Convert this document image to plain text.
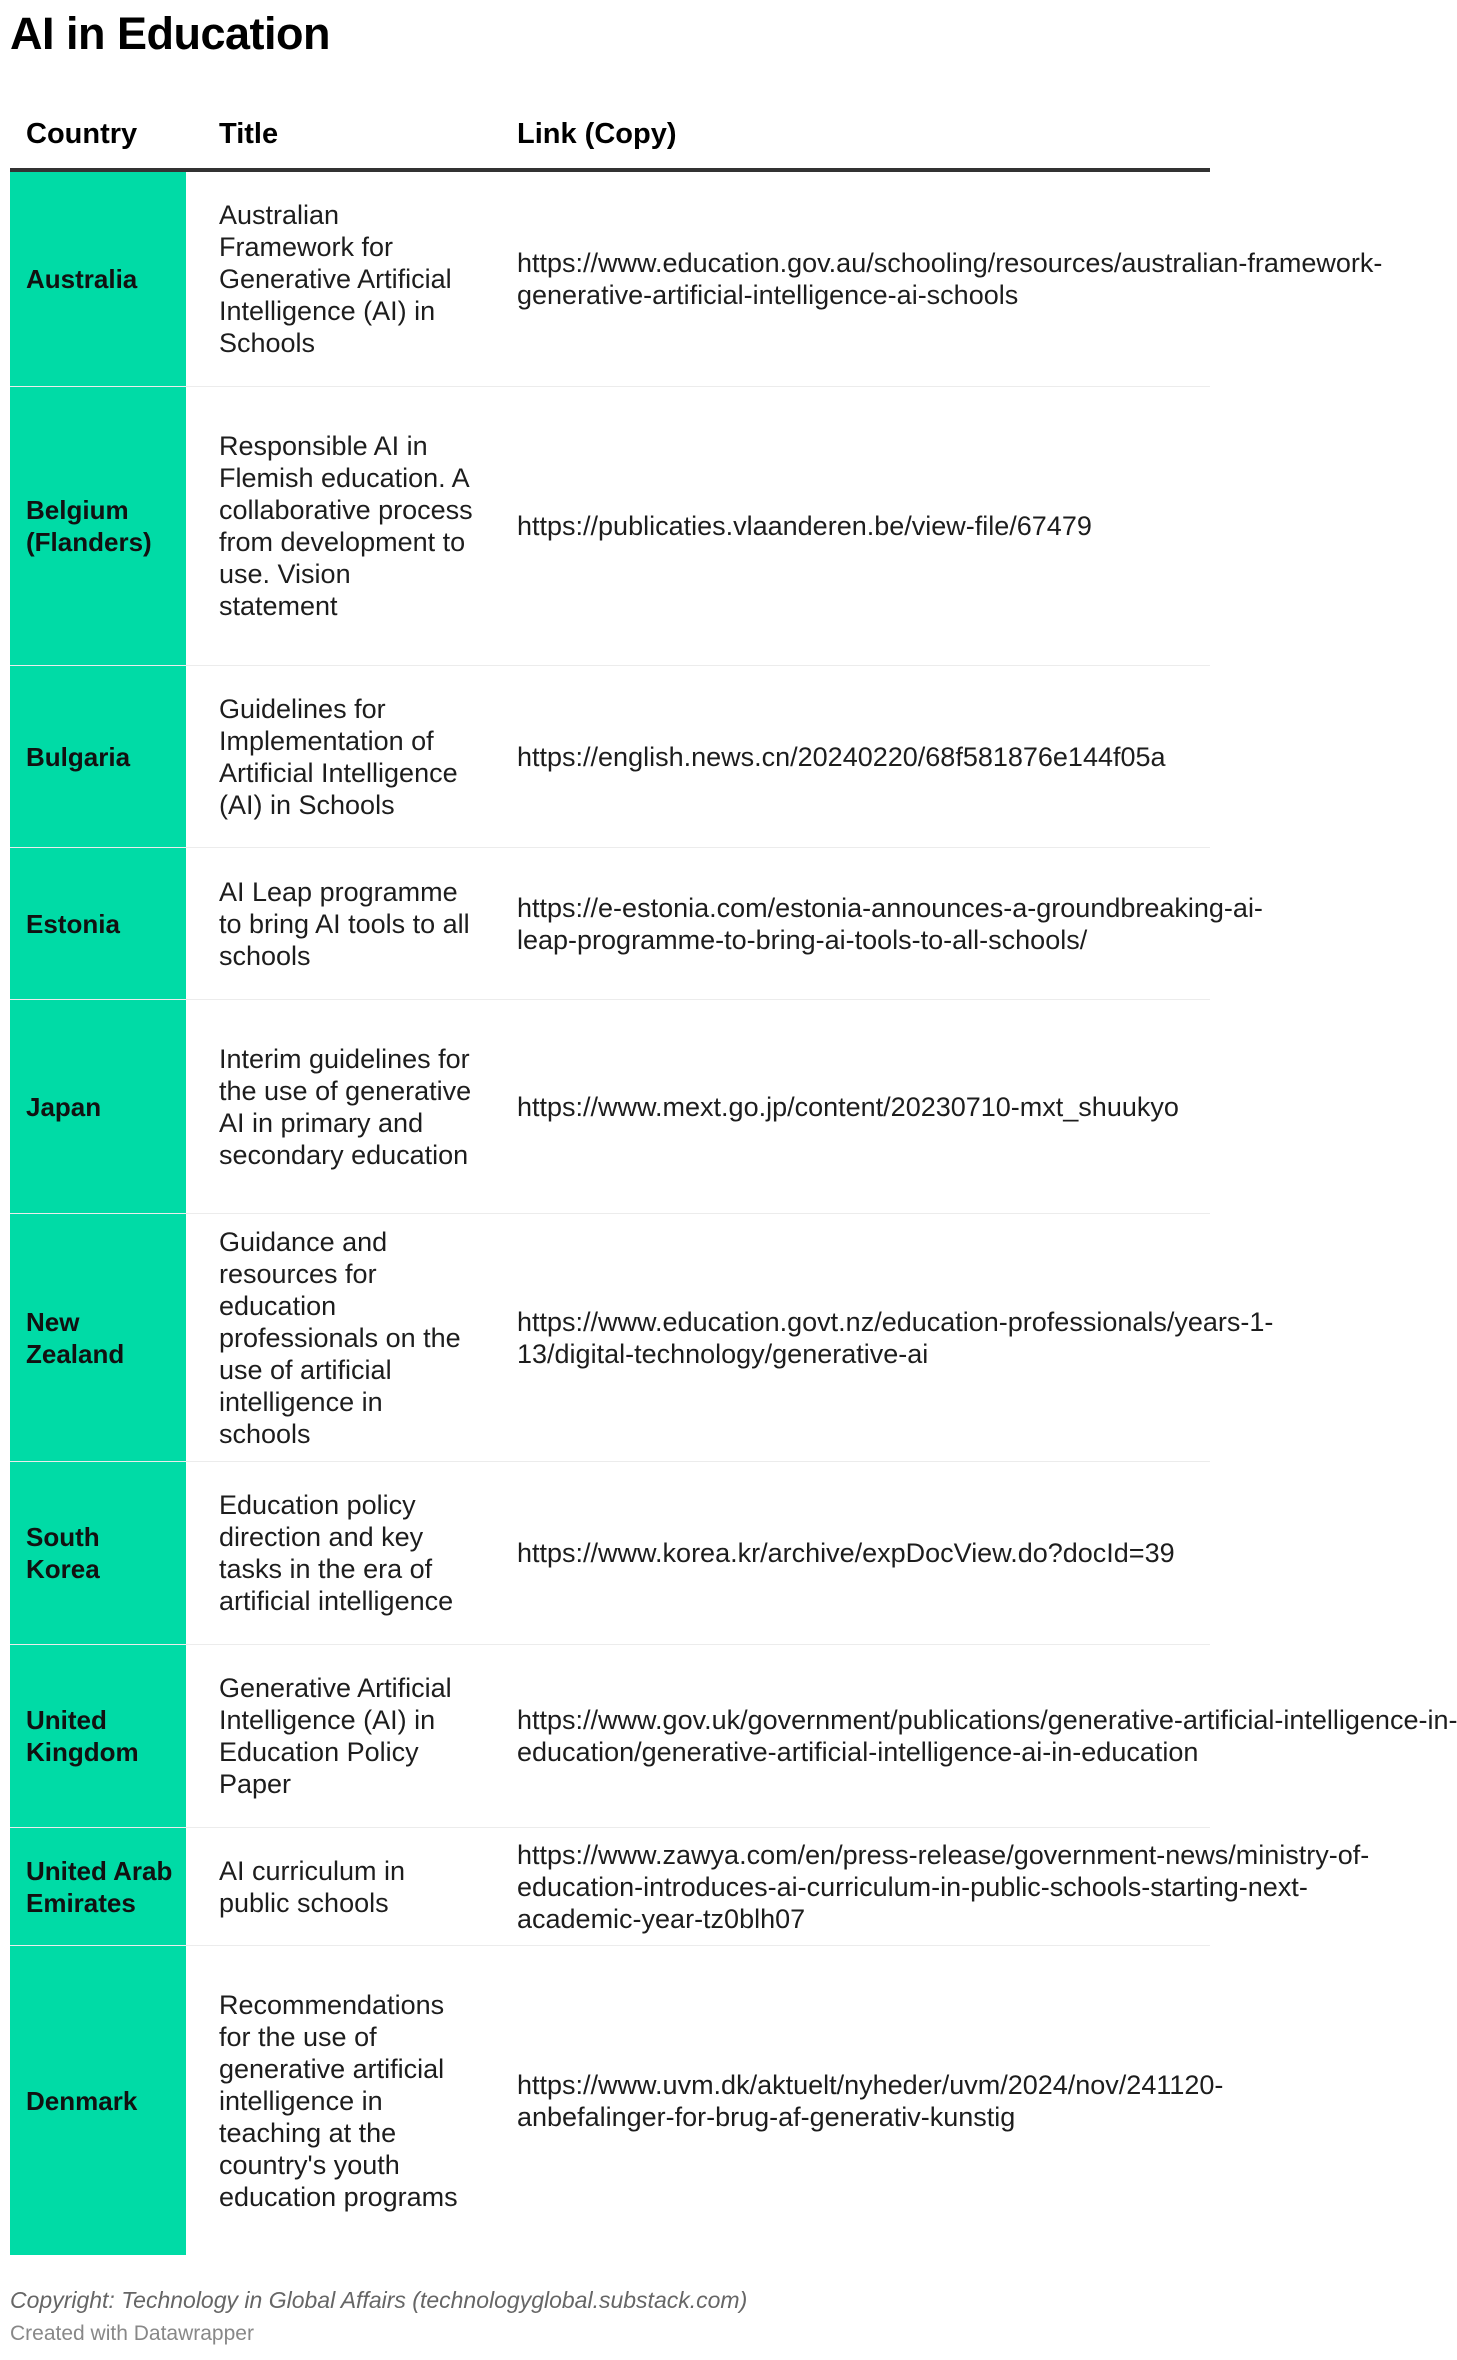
AI in Education
Country	Title	Link (Copy)
Australia
Australian Framework for Generative Artificial Intelligence (AI) in Schools
https://www.education.gov.au/schooling/resources/australian-framework-
generative-artificial-intelligence-ai-schools
Belgium (Flanders)
Responsible AI in Flemish education. A collaborative process from development to use. Vision statement
https://publicaties.vlaanderen.be/view-file/67479
Bulgaria
Guidelines for Implementation of Artificial Intelligence (AI) in Schools
https://english.news.cn/20240220/68f581876e144f05a
Estonia
AI Leap programme to bring AI tools to all schools
https://e-estonia.com/estonia-announces-a-groundbreaking-ai-
leap-programme-to-bring-ai-tools-to-all-schools/
Japan
Interim guidelines for the use of generative AI in primary and secondary education
https://www.mext.go.jp/content/20230710-mxt_shuukyo
New Zealand
Guidance and resources for education professionals on the use of artificial intelligence in schools
https://www.education.govt.nz/education-professionals/years-1-
13/digital-technology/generative-ai
South Korea
Education policy direction and key tasks in the era of artificial intelligence
https://www.korea.kr/archive/expDocView.do?docId=39
United Kingdom
Generative Artificial Intelligence (AI) in Education Policy Paper
https://www.gov.uk/government/publications/generative-artificial-intelligence-in-
education/generative-artificial-intelligence-ai-in-education
United Arab Emirates
AI curriculum in public schools
https://www.zawya.com/en/press-release/government-news/ministry-of-
education-introduces-ai-curriculum-in-public-schools-starting-next-
academic-year-tz0blh07
Denmark
Recommendations for the use of generative artificial intelligence in teaching at the country's youth education programs
https://www.uvm.dk/aktuelt/nyheder/uvm/2024/nov/241120-
anbefalinger-for-brug-af-generativ-kunstig
Copyright: Technology in Global Affairs (technologyglobal.substack.com)
Created with Datawrapper
